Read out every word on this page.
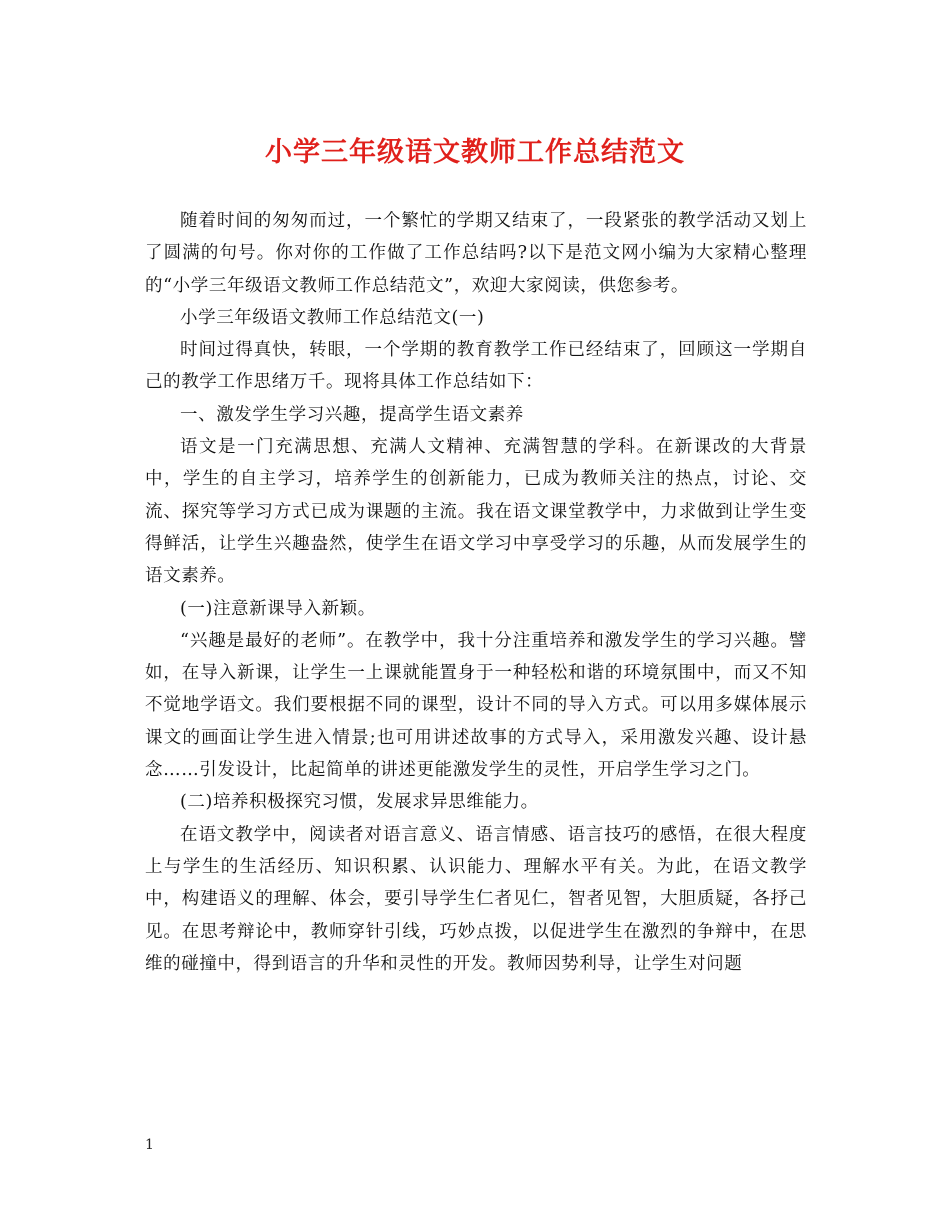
小学三年级语文教师工作总结范文

随着时间的匆匆而过，一个繁忙的学期又结束了，一段紧张的教学活动又划上了圆满的句号。你对你的工作做了工作总结吗?以下是范文网小编为大家精心整理的“小学三年级语文教师工作总结范文”，欢迎大家阅读，供您参考。

小学三年级语文教师工作总结范文(一)

时间过得真快，转眼，一个学期的教育教学工作已经结束了，回顾这一学期自己的教学工作思绪万千。现将具体工作总结如下：

一、激发学生学习兴趣，提高学生语文素养

语文是一门充满思想、充满人文精神、充满智慧的学科。在新课改的大背景中，学生的自主学习，培养学生的创新能力，已成为教师关注的热点，讨论、交流、探究等学习方式已成为课题的主流。我在语文课堂教学中，力求做到让学生变得鲜活，让学生兴趣盎然，使学生在语文学习中享受学习的乐趣，从而发展学生的语文素养。

(一)注意新课导入新颖。

“兴趣是最好的老师”。在教学中，我十分注重培养和激发学生的学习兴趣。譬如，在导入新课，让学生一上课就能置身于一种轻松和谐的环境氛围中，而又不知不觉地学语文。我们要根据不同的课型，设计不同的导入方式。可以用多媒体展示课文的画面让学生进入情景;也可用讲述故事的方式导入，采用激发兴趣、设计悬念……引发设计，比起简单的讲述更能激发学生的灵性，开启学生学习之门。

(二)培养积极探究习惯，发展求异思维能力。

在语文教学中，阅读者对语言意义、语言情感、语言技巧的感悟，在很大程度上与学生的生活经历、知识积累、认识能力、理解水平有关。为此，在语文教学中，构建语义的理解、体会，要引导学生仁者见仁，智者见智，大胆质疑，各抒己见。在思考辩论中，教师穿针引线，巧妙点拨，以促进学生在激烈的争辩中，在思维的碰撞中，得到语言的升华和灵性的开发。教师因势利导，让学生对问题

1
